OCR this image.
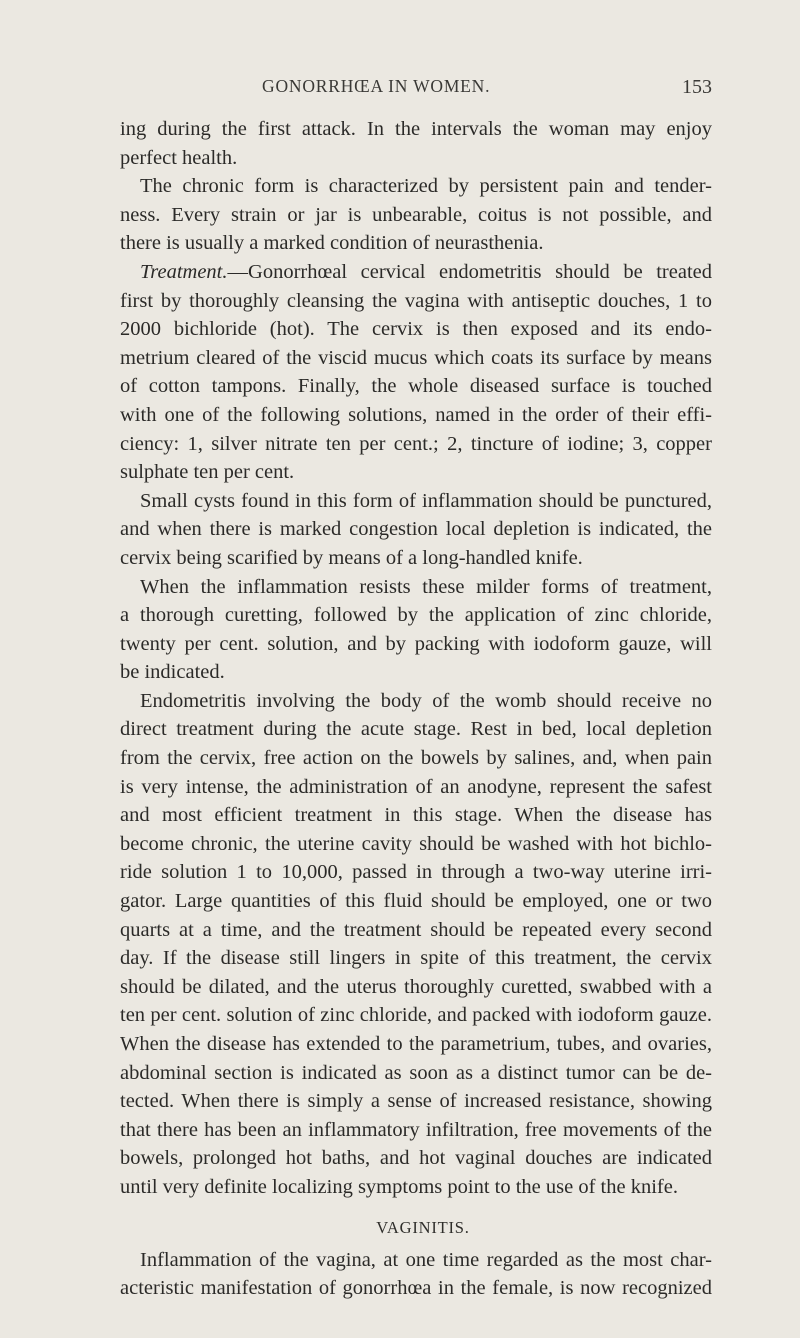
GONORRHŒA IN WOMEN.	153
ing during the first attack. In the intervals the woman may enjoy
perfect health.
The chronic form is characterized by persistent pain and tender-
ness. Every strain or jar is unbearable, coitus is not possible, and
there is usually a marked condition of neurasthenia.
Treatment.—Gonorrhœal cervical endometritis should be treated
first by thoroughly cleansing the vagina with antiseptic douches, 1 to
2000 bichloride (hot). The cervix is then exposed and its endo-
metrium cleared of the viscid mucus which coats its surface by means
of cotton tampons. Finally, the whole diseased surface is touched
with one of the following solutions, named in the order of their effi-
ciency: 1, silver nitrate ten per cent.; 2, tincture of iodine; 3, copper
sulphate ten per cent.
Small cysts found in this form of inflammation should be punctured,
and when there is marked congestion local depletion is indicated, the
cervix being scarified by means of a long-handled knife.
When the inflammation resists these milder forms of treatment,
a thorough curetting, followed by the application of zinc chloride,
twenty per cent. solution, and by packing with iodoform gauze, will
be indicated.
Endometritis involving the body of the womb should receive no
direct treatment during the acute stage. Rest in bed, local depletion
from the cervix, free action on the bowels by salines, and, when pain
is very intense, the administration of an anodyne, represent the safest
and most efficient treatment in this stage. When the disease has
become chronic, the uterine cavity should be washed with hot bichlo-
ride solution 1 to 10,000, passed in through a two-way uterine irri-
gator. Large quantities of this fluid should be employed, one or two
quarts at a time, and the treatment should be repeated every second
day. If the disease still lingers in spite of this treatment, the cervix
should be dilated, and the uterus thoroughly curetted, swabbed with a
ten per cent. solution of zinc chloride, and packed with iodoform gauze.
When the disease has extended to the parametrium, tubes, and ovaries,
abdominal section is indicated as soon as a distinct tumor can be de-
tected. When there is simply a sense of increased resistance, showing
that there has been an inflammatory infiltration, free movements of the
bowels, prolonged hot baths, and hot vaginal douches are indicated
until very definite localizing symptoms point to the use of the knife.
VAGINITIS.
Inflammation of the vagina, at one time regarded as the most char-
acteristic manifestation of gonorrhœa in the female, is now recognized
